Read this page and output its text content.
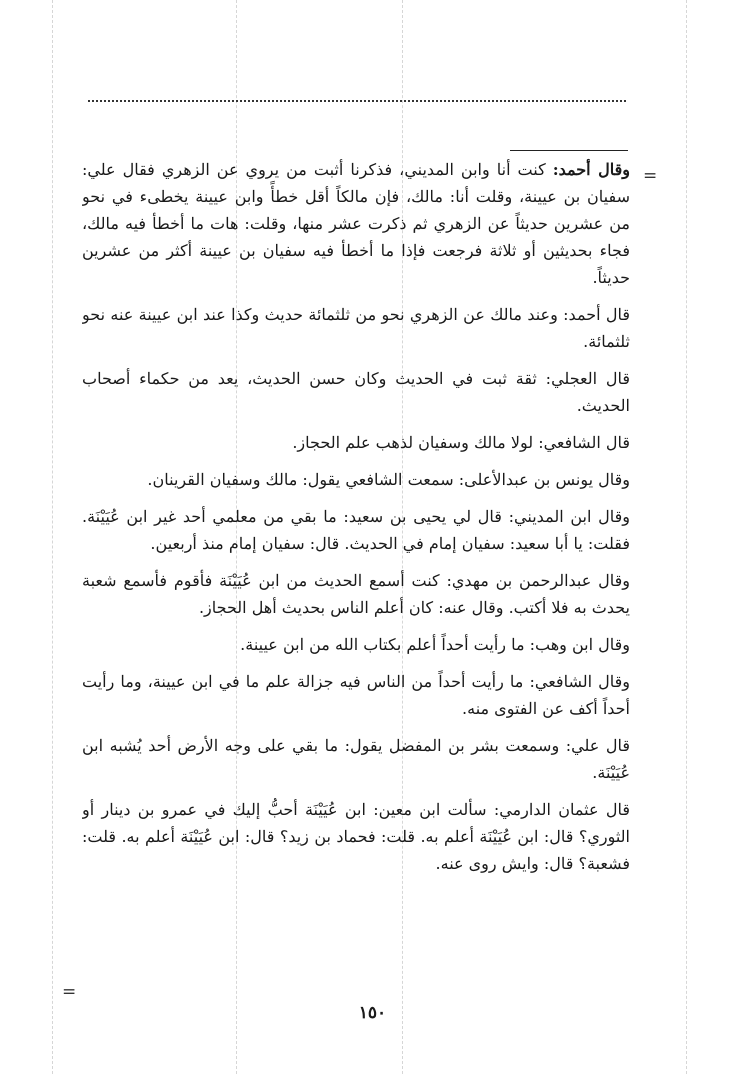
=
=

وقال أحمد: كنت أنا وابن المديني، فذكرنا أثبت من يروي عن الزهري فقال علي: سفيان بن عيينة، وقلت أنا: مالك، فإن مالكاً أقل خطأً وابن عيينة يخطىء في نحو من عشرين حديثاً عن الزهري ثم ذكرت عشر منها، وقلت: هات ما أخطأ فيه مالك، فجاء بحديثين أو ثلاثة فرجعت فإذا ما أخطأ فيه سفيان بن عيينة أكثر من عشرين حديثاً.

قال أحمد: وعند مالك عن الزهري نحو من ثلثمائة حديث وكذا عند ابن عيينة عنه نحو ثلثمائة.

قال العجلي: ثقة ثبت في الحديث وكان حسن الحديث، يعد من حكماء أصحاب الحديث.

قال الشافعي: لولا مالك وسفيان لذهب علم الحجاز.

وقال يونس بن عبدالأعلى: سمعت الشافعي يقول: مالك وسفيان القرينان.

وقال ابن المديني: قال لي يحيى بن سعيد: ما بقي من معلمي أحد غير ابن عُيَيْنَة. فقلت: يا أبا سعيد: سفيان إمام في الحديث. قال: سفيان إمام منذ أربعين.

وقال عبدالرحمن بن مهدي: كنت أسمع الحديث من ابن عُيَيْنَة فأقوم فأسمع شعبة يحدث به فلا أكتب. وقال عنه: كان أعلم الناس بحديث أهل الحجاز.

وقال ابن وهب: ما رأيت أحداً أعلم بكتاب الله من ابن عيينة.

وقال الشافعي: ما رأيت أحداً من الناس فيه جزالة علم ما في ابن عيينة، وما رأيت أحداً أكف عن الفتوى منه.

قال علي: وسمعت بشر بن المفضل يقول: ما بقي على وجه الأرض أحد يُشبه ابن عُيَيْنَة.

قال عثمان الدارمي: سألت ابن معين: ابن عُيَيْنَة أحبُّ إليك في عمرو بن دينار أو الثوري؟ قال: ابن عُيَيْنَة أعلم به. قلت: فحماد بن زيد؟ قال: ابن عُيَيْنَة أعلم به. قلت: فشعبة؟ قال: وايش روى عنه.

١٥٠
